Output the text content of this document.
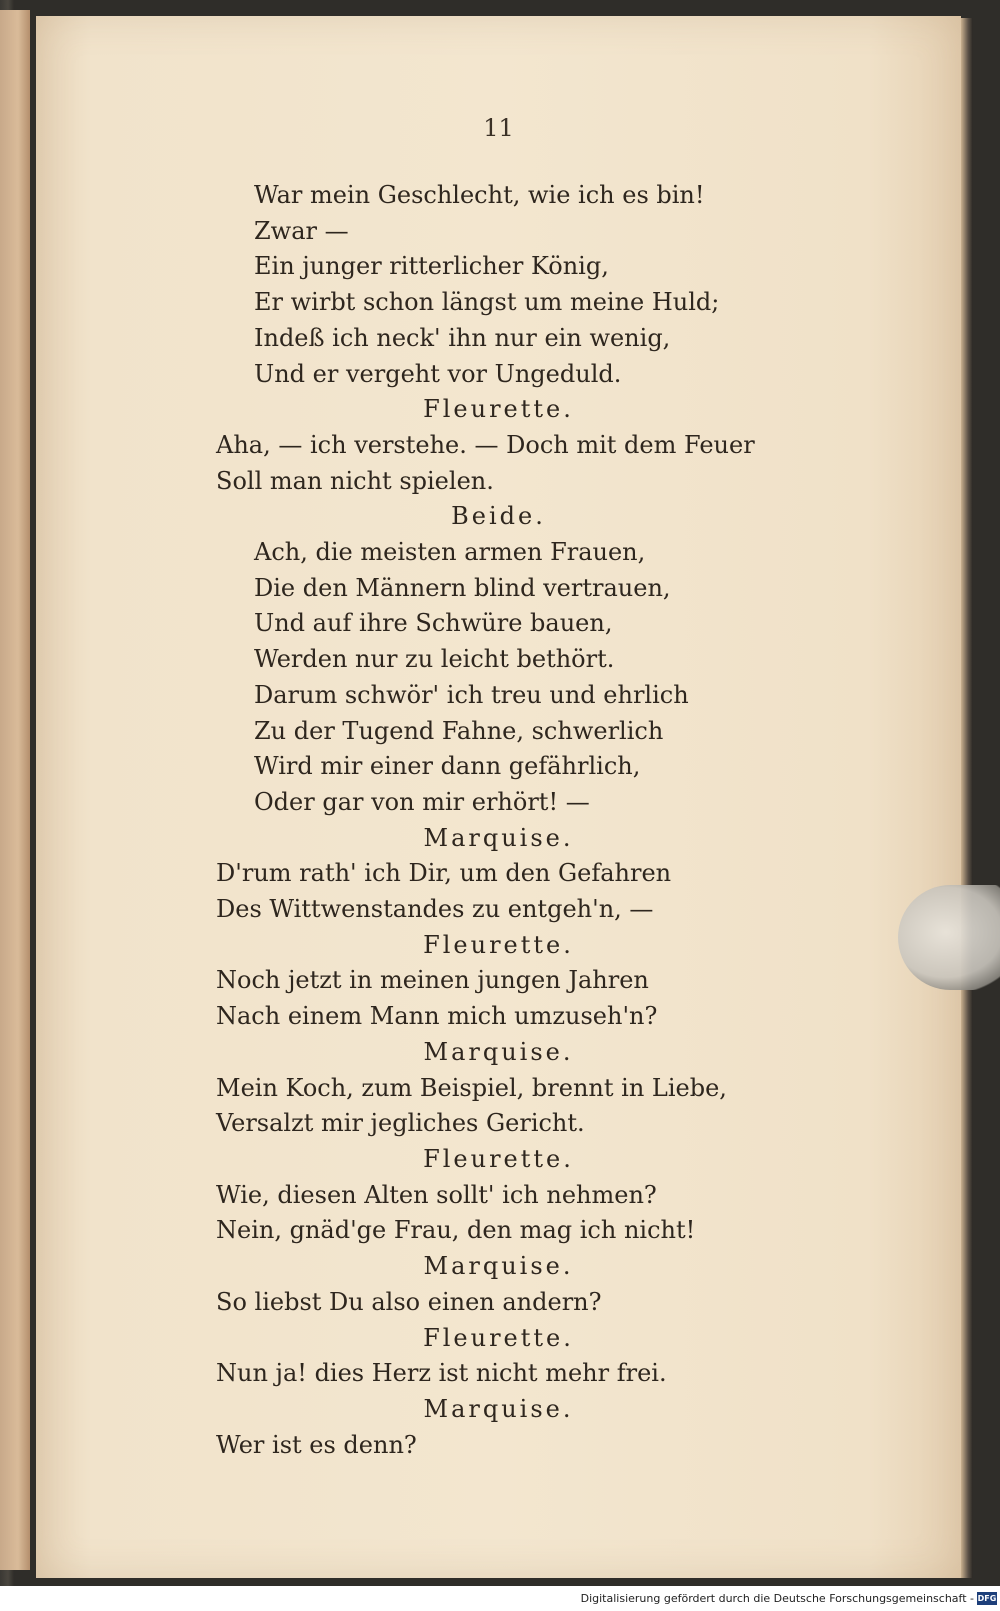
11
War mein Geschlecht, wie ich es bin!
Zwar —
Ein junger ritterlicher König,
Er wirbt schon längst um meine Huld;
Indeß ich neck' ihn nur ein wenig,
Und er vergeht vor Ungeduld.
Fleurette.
Aha, — ich verstehe. — Doch mit dem Feuer
Soll man nicht spielen.
Beide.
Ach, die meisten armen Frauen,
Die den Männern blind vertrauen,
Und auf ihre Schwüre bauen,
Werden nur zu leicht bethört.
Darum schwör' ich treu und ehrlich
Zu der Tugend Fahne, schwerlich
Wird mir einer dann gefährlich,
Oder gar von mir erhört! —
Marquise.
D'rum rath' ich Dir, um den Gefahren
Des Wittwenstandes zu entgeh'n, —
Fleurette.
Noch jetzt in meinen jungen Jahren
Nach einem Mann mich umzuseh'n?
Marquise.
Mein Koch, zum Beispiel, brennt in Liebe,
Versalzt mir jegliches Gericht.
Fleurette.
Wie, diesen Alten sollt' ich nehmen?
Nein, gnäd'ge Frau, den mag ich nicht!
Marquise.
So liebst Du also einen andern?
Fleurette.
Nun ja! dies Herz ist nicht mehr frei.
Marquise.
Wer ist es denn?
Digitalisierung gefördert durch die Deutsche Forschungsgemeinschaft - DFG
